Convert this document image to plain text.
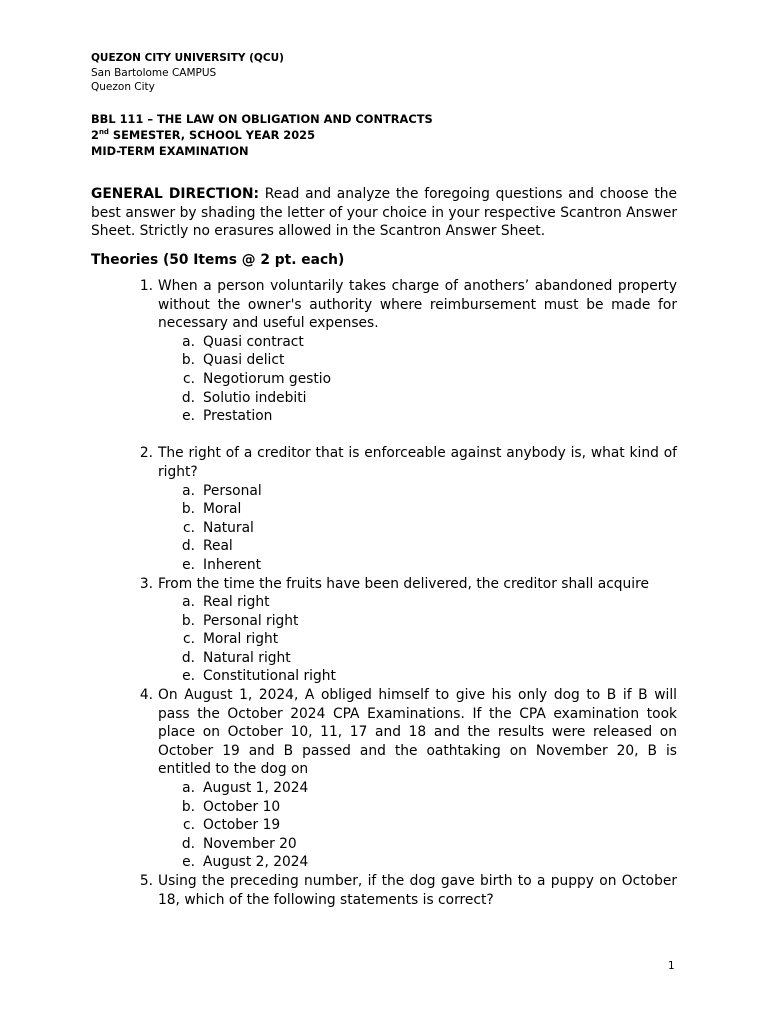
QUEZON CITY UNIVERSITY (QCU)
San Bartolome CAMPUS
Quezon City
BBL 111 – THE LAW ON OBLIGATION AND CONTRACTS
2nd SEMESTER, SCHOOL YEAR 2025
MID-TERM EXAMINATION
GENERAL DIRECTION: Read and analyze the foregoing questions and choose the best answer by shading the letter of your choice in your respective Scantron Answer Sheet. Strictly no erasures allowed in the Scantron Answer Sheet.
Theories (50 Items @ 2 pt. each)
1. When a person voluntarily takes charge of anothers’ abandoned property without the owner's authority where reimbursement must be made for necessary and useful expenses.
a. Quasi contract
b. Quasi delict
c. Negotiorum gestio
d. Solutio indebiti
e. Prestation
2. The right of a creditor that is enforceable against anybody is, what kind of right?
a. Personal
b. Moral
c. Natural
d. Real
e. Inherent
3. From the time the fruits have been delivered, the creditor shall acquire
a. Real right
b. Personal right
c. Moral right
d. Natural right
e. Constitutional right
4. On August 1, 2024, A obliged himself to give his only dog to B if B will pass the October 2024 CPA Examinations. If the CPA examination took place on October 10, 11, 17 and 18 and the results were released on October 19 and B passed and the oathtaking on November 20, B is entitled to the dog on
a. August 1, 2024
b. October 10
c. October 19
d. November 20
e. August 2, 2024
5. Using the preceding number, if the dog gave birth to a puppy on October 18, which of the following statements is correct?
1
